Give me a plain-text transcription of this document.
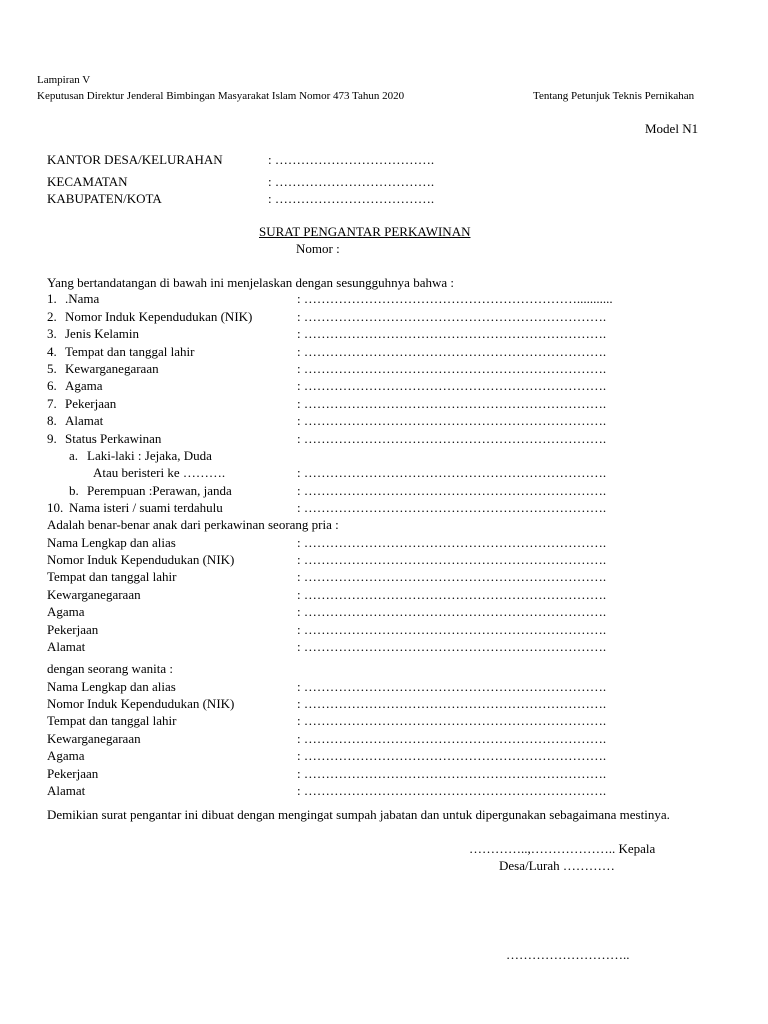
Lampiran V
Keputusan Direktur Jenderal Bimbingan Masyarakat Islam Nomor 473 Tahun 2020	Tentang Petunjuk Teknis Pernikahan
Model N1
KANTOR DESA/KELURAHAN	: ……………………………….
KECAMATAN	: ……………………………….
KABUPATEN/KOTA	: ……………………………….
SURAT PENGANTAR PERKAWINAN
Nomor :
Yang bertandatangan di bawah ini menjelaskan dengan sesungguhnya bahwa :
1. .Nama	: ………………………………………………………...........
2. Nomor Induk Kependudukan (NIK)	: …………………………………………………………….
3. Jenis Kelamin	: …………………………………………………………….
4. Tempat dan tanggal lahir	: …………………………………………………………….
5. Kewarganegaraan	: …………………………………………………………….
6. Agama	: …………………………………………………………….
7. Pekerjaan	: …………………………………………………………….
8. Alamat	: …………………………………………………………….
9. Status Perkawinan	: …………………………………………………………….
a. Laki-laki : Jejaka, Duda
Atau beristeri ke ……….	: …………………………………………………………….
b. Perempuan :Perawan, janda	: …………………………………………………………….
10. Nama isteri / suami terdahulu	: …………………………………………………………….
Adalah benar-benar anak dari perkawinan seorang pria :
Nama Lengkap dan alias	: …………………………………………………………….
Nomor Induk Kependudukan (NIK)	: …………………………………………………………….
Tempat dan tanggal lahir	: …………………………………………………………….
Kewarganegaraan	: …………………………………………………………….
Agama	: …………………………………………………………….
Pekerjaan	: …………………………………………………………….
Alamat	: …………………………………………………………….
dengan seorang wanita :
Nama Lengkap dan alias	: …………………………………………………………….
Nomor Induk Kependudukan (NIK)	: …………………………………………………………….
Tempat dan tanggal lahir	: …………………………………………………………….
Kewarganegaraan	: …………………………………………………………….
Agama	: …………………………………………………………….
Pekerjaan	: …………………………………………………………….
Alamat	: …………………………………………………………….
Demikian surat pengantar ini dibuat dengan mengingat sumpah jabatan dan untuk dipergunakan sebagaimana mestinya.
…………..,……………….. Kepala
Desa/Lurah …………
………………………..
